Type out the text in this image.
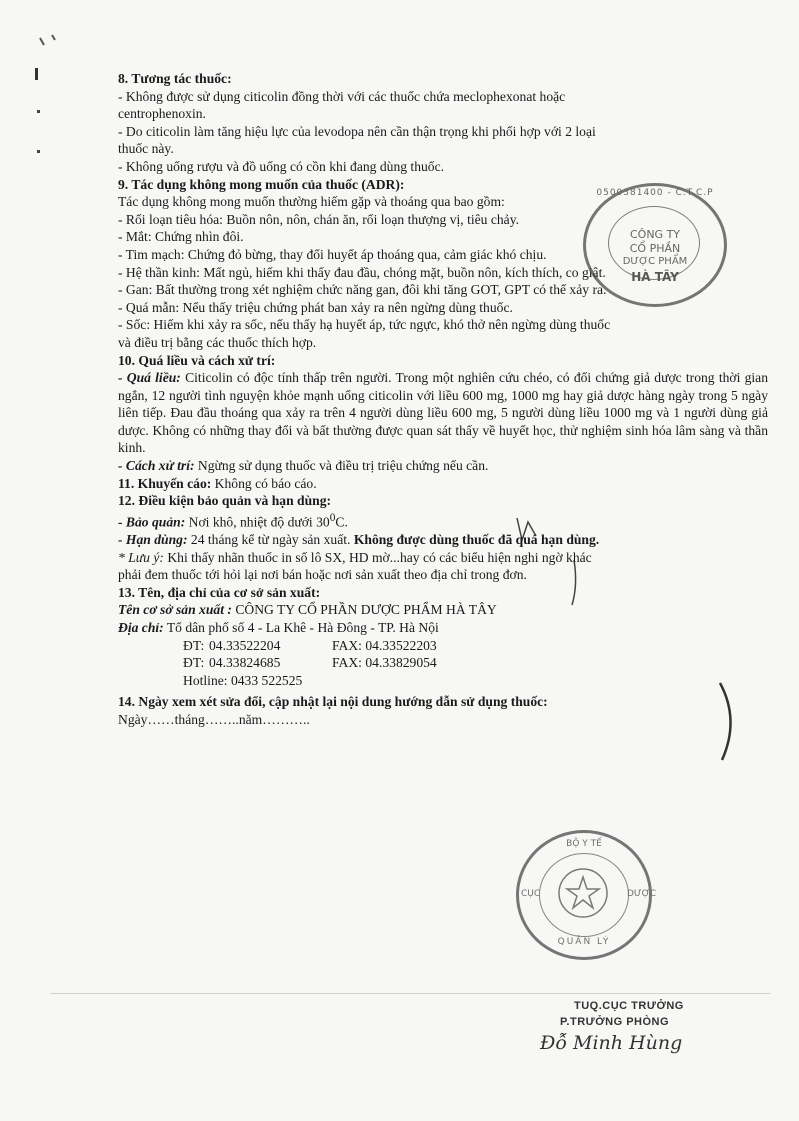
8. Tương tác thuốc:
- Không được sử dụng citicolin đồng thời với các thuốc chứa meclophexonat hoặc
centrophenoxin.
- Do citicolin làm tăng hiệu lực của levodopa nên cần thận trọng khi phối hợp với 2 loại
thuốc này.
- Không uống rượu và đồ uống có cồn khi đang dùng thuốc.
9. Tác dụng không mong muốn của thuốc (ADR):
Tác dụng không mong muốn thường hiếm gặp và thoáng qua bao gồm:
- Rối loạn tiêu hóa: Buồn nôn, nôn, chán ăn, rối loạn thượng vị, tiêu chảy.
- Mắt: Chứng nhìn đôi.
- Tim mạch: Chứng đỏ bừng, thay đổi huyết áp thoáng qua, cảm giác khó chịu.
- Hệ thần kinh: Mất ngủ, hiếm khi thấy đau đầu, chóng mặt, buồn nôn, kích thích, co giật.
- Gan: Bất thường trong xét nghiệm chức năng gan, đôi khi tăng GOT, GPT có thể xảy ra.
- Quá mẫn: Nếu thấy triệu chứng phát ban xảy ra nên ngừng dùng thuốc.
- Sốc: Hiếm khi xảy ra sốc, nếu thấy hạ huyết áp, tức ngực, khó thở nên ngừng dùng thuốc
và điều trị bằng các thuốc thích hợp.
10. Quá liều và cách xử trí:
- Quá liều: Citicolin có độc tính thấp trên người. Trong một nghiên cứu chéo, có đối chứng giả dược trong thời gian ngắn, 12 người tình nguyện khỏe mạnh uống citicolin với liều 600 mg, 1000 mg hay giả dược hàng ngày trong 5 ngày liên tiếp. Đau đầu thoáng qua xảy ra trên 4 người dùng liều 600 mg, 5 người dùng liều 1000 mg và 1 người dùng giả dược. Không có những thay đổi và bất thường được quan sát thấy về huyết học, thử nghiệm sinh hóa lâm sàng và thần kinh.
- Cách xử trí: Ngừng sử dụng thuốc và điều trị triệu chứng nếu cần.
11. Khuyến cáo: Không có báo cáo.
12. Điều kiện bảo quản và hạn dùng:
- Bảo quản: Nơi khô, nhiệt độ dưới $30^0C$.
- Hạn dùng: 24 tháng kể từ ngày sản xuất. Không được dùng thuốc đã quá hạn dùng.
* Lưu ý: Khi thấy nhãn thuốc in số lô SX, HD mờ...hay có các biểu hiện nghi ngờ khác
phải đem thuốc tới hỏi lại nơi bán hoặc nơi sản xuất theo địa chỉ trong đơn.
13. Tên, địa chỉ của cơ sở sản xuất:
Tên cơ sở sản xuất : CÔNG TY CỔ PHẦN DƯỢC PHẨM HÀ TÂY
Địa chỉ: Tổ dân phố số 4 - La Khê - Hà Đông - TP. Hà Nội
ĐT: 04.33522204	FAX: 04.33522203
ĐT: 04.33824685	FAX: 04.33829054
Hotline: 0433 522525
14. Ngày xem xét sửa đổi, cập nhật lại nội dung hướng dẫn sử dụng thuốc:
Ngày……tháng……..năm………..
0500381400 - C.T.C.P
CÔNG TY
CỔ PHẦN
DƯỢC PHẨM
HÀ TÂY
BỘ Y TẾ
CỤC	DƯỢC
QUẢN LÝ
TUQ.CỤC TRƯỞNG
P.TRƯỞNG PHÒNG
Đỗ Minh Hùng
